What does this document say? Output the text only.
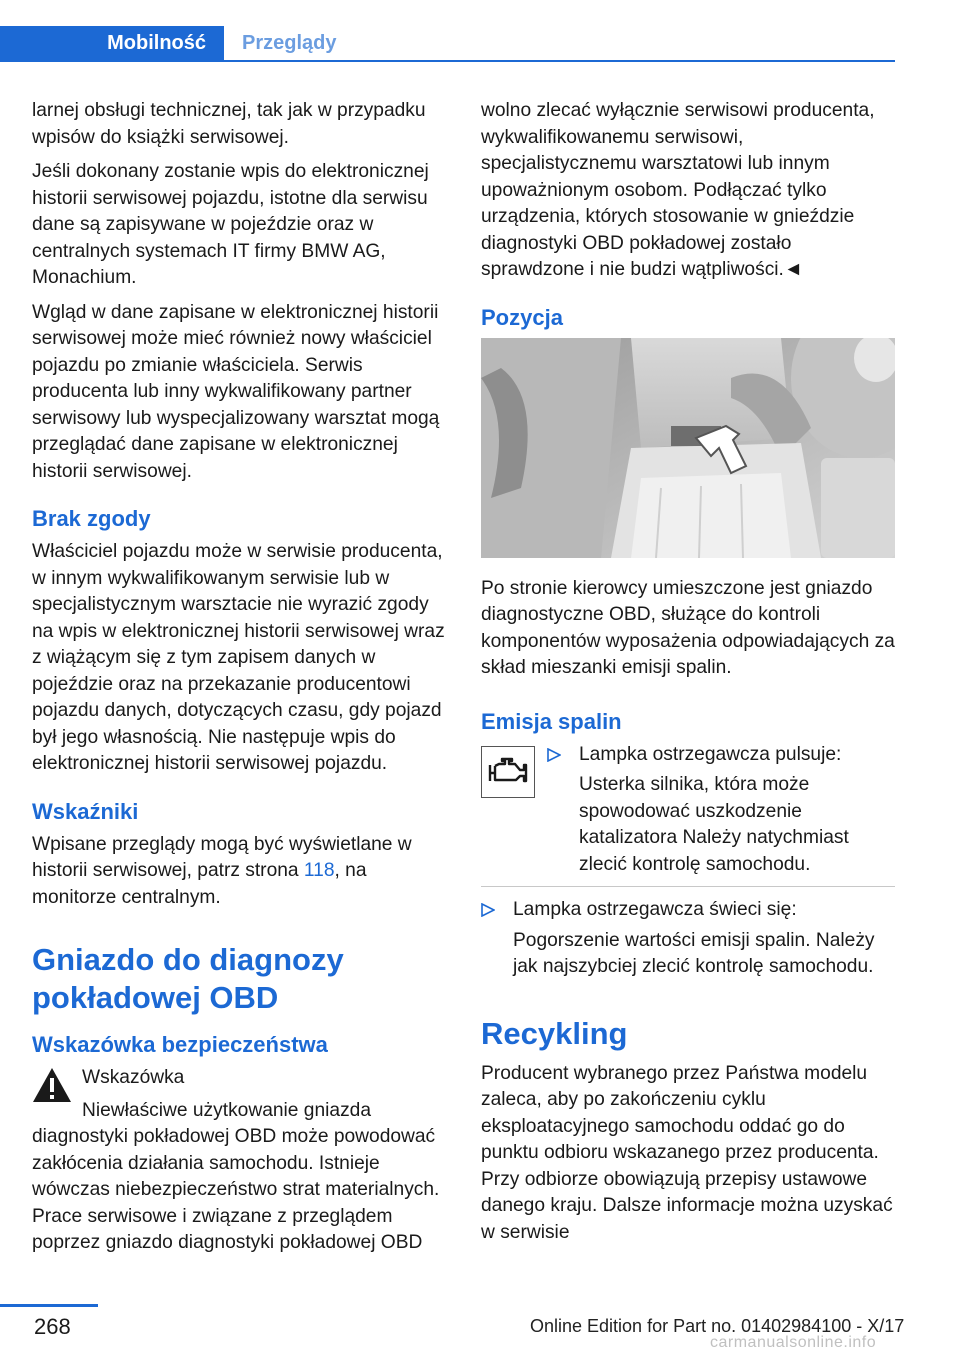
Mobilność	Przeglądy

larnej obsługi technicznej, tak jak w przypadku wpisów do książki serwisowej.

Jeśli dokonany zostanie wpis do elektronicznej historii serwisowej pojazdu, istotne dla serwisu dane są zapisywane w pojeździe oraz w centralnych systemach IT firmy BMW AG, Monachium.

Wgląd w dane zapisane w elektronicznej historii serwisowej może mieć również nowy właściciel pojazdu po zmianie właściciela. Serwis producenta lub inny wykwalifikowany partner serwisowy lub wyspecjalizowany warsztat mogą przeglądać dane zapisane w elektronicznej historii serwisowej.

Brak zgody

Właściciel pojazdu może w serwisie producenta, w innym wykwalifikowanym serwisie lub w specjalistycznym warsztacie nie wyrazić zgody na wpis w elektronicznej historii serwisowej wraz z wiążącym się z tym zapisem danych w pojeździe oraz na przekazanie producentowi pojazdu danych, dotyczących czasu, gdy pojazd był jego własnością. Nie następuje wpis do elektronicznej historii serwisowej pojazdu.

Wskaźniki

Wpisane przeglądy mogą być wyświetlane w historii serwisowej, patrz strona 118, na monitorze centralnym.

Gniazdo do diagnozy pokładowej OBD
Wskazówka bezpieczeństwa

Wskazówka

Niewłaściwe użytkowanie gniazda diagnostyki pokładowej OBD może powodować zakłócenia działania samochodu. Istnieje wówczas niebezpieczeństwo strat materialnych. Prace serwisowe i związane z przeglądem poprzez gniazdo diagnostyki pokładowej OBD

wolno zlecać wyłącznie serwisowi producenta, wykwalifikowanemu serwisowi, specjalistycznemu warsztatowi lub innym upoważnionym osobom. Podłączać tylko urządzenia, których stosowanie w gnieździe diagnostyki OBD pokładowej zostało sprawdzone i nie budzi wątpliwości.◄

Pozycja

Po stronie kierowcy umieszczone jest gniazdo diagnostyczne OBD, służące do kontroli komponentów wyposażenia odpowiadających za skład mieszanki emisji spalin.

Emisja spalin

Lampka ostrzegawcza pulsuje:

Usterka silnika, która może spowodować uszkodzenie katalizatora Należy natychmiast zlecić kontrolę samochodu.

Lampka ostrzegawcza świeci się:

Pogorszenie wartości emisji spalin. Należy jak najszybciej zlecić kontrolę samochodu.

Recykling

Producent wybranego przez Państwa modelu zaleca, aby po zakończeniu cyklu eksploatacyjnego samochodu oddać go do punktu odbioru wskazanego przez producenta. Przy odbiorze obowiązują przepisy ustawowe danego kraju. Dalsze informacje można uzyskać w serwisie

268	Online Edition for Part no. 01402984100 - X/17
carmanualsonline.info
